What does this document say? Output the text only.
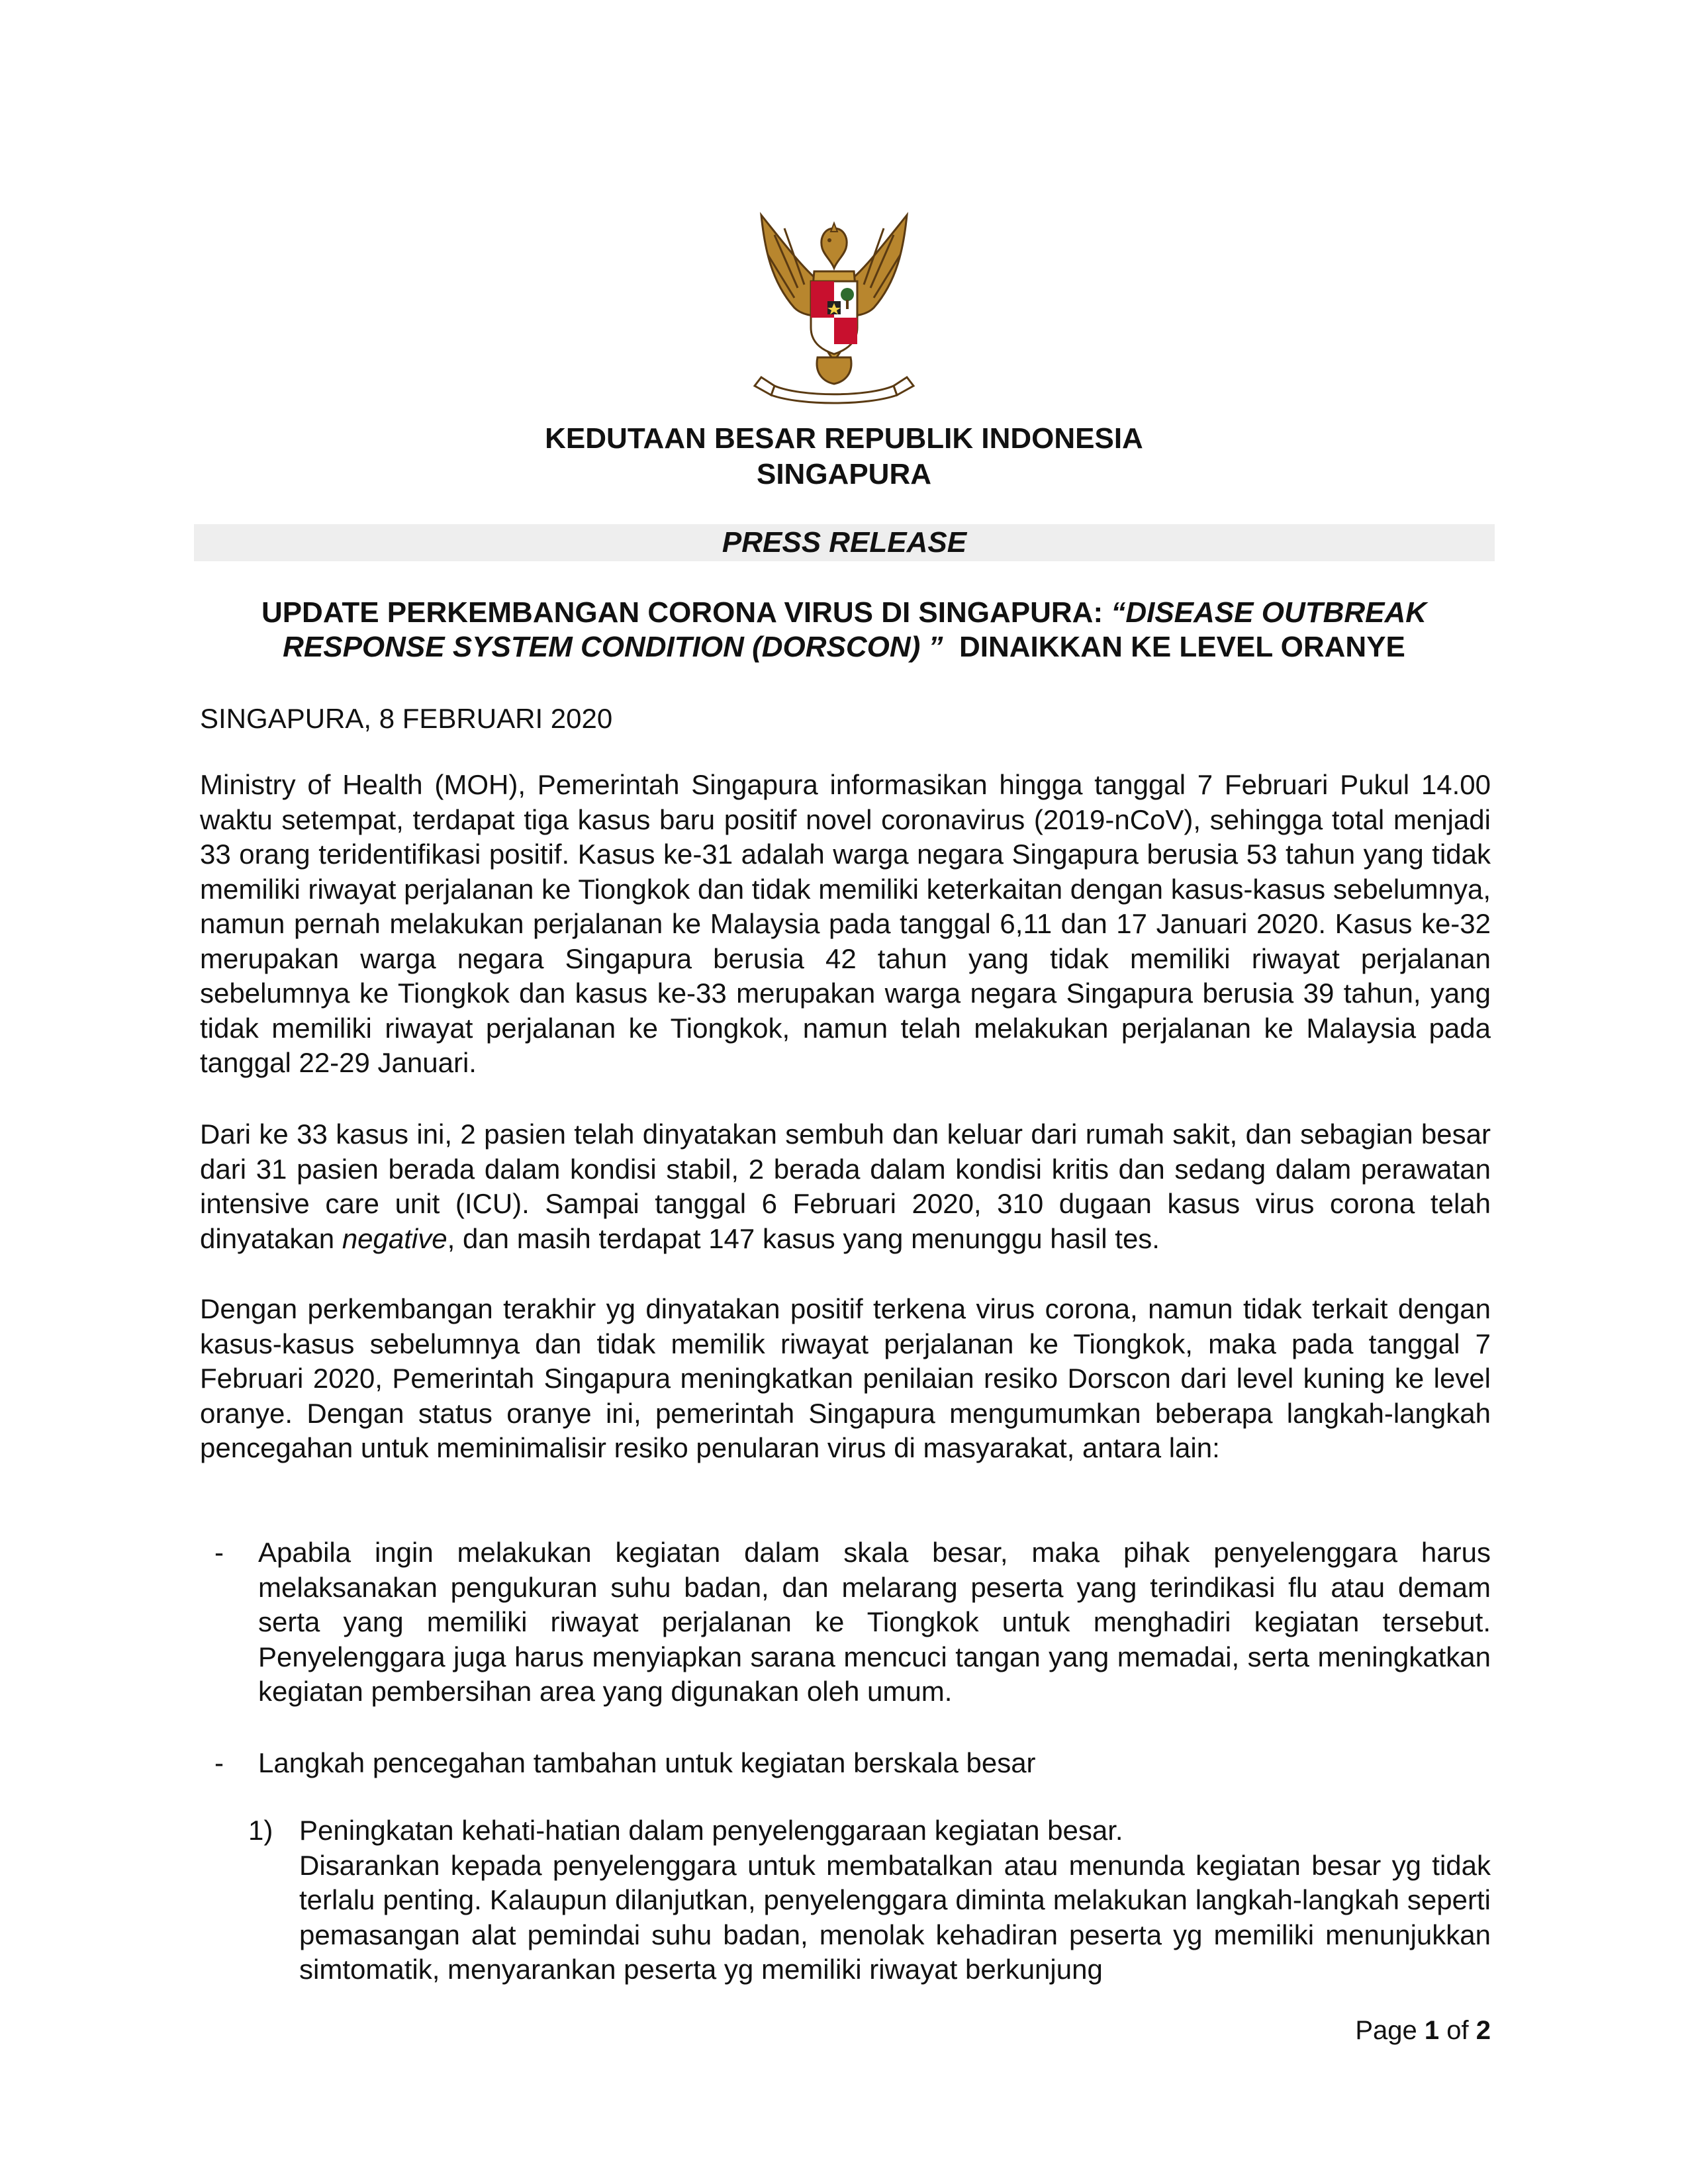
KEDUTAAN BESAR REPUBLIK INDONESIA
SINGAPURA
PRESS RELEASE
UPDATE PERKEMBANGAN CORONA VIRUS DI SINGAPURA: “DISEASE OUTBREAK
RESPONSE SYSTEM CONDITION (DORSCON) ”  DINAIKKAN KE LEVEL ORANYE
SINGAPURA, 8 FEBRUARI 2020
Ministry of Health (MOH), Pemerintah Singapura informasikan hingga tanggal 7 Februari Pukul 14.00 waktu setempat, terdapat tiga kasus baru positif novel coronavirus (2019-nCoV), sehingga total menjadi 33 orang teridentifikasi positif. Kasus ke-31 adalah warga negara Singapura berusia 53 tahun yang tidak memiliki riwayat perjalanan ke Tiongkok dan tidak memiliki keterkaitan dengan kasus-kasus sebelumnya, namun pernah melakukan perjalanan ke Malaysia pada tanggal 6,11 dan 17 Januari 2020. Kasus ke-32 merupakan warga negara Singapura berusia 42 tahun yang tidak memiliki riwayat perjalanan sebelumnya ke Tiongkok dan kasus ke-33 merupakan warga negara Singapura berusia 39 tahun, yang tidak memiliki riwayat perjalanan ke Tiongkok, namun telah melakukan perjalanan ke Malaysia pada tanggal 22-29 Januari.
Dari ke 33 kasus ini, 2 pasien telah dinyatakan sembuh dan keluar dari rumah sakit, dan sebagian besar dari 31 pasien berada dalam kondisi stabil, 2 berada dalam kondisi kritis dan sedang dalam perawatan intensive care unit (ICU). Sampai tanggal 6 Februari 2020, 310 dugaan kasus virus corona telah dinyatakan negative, dan masih terdapat 147 kasus yang menunggu hasil tes.
Dengan perkembangan terakhir yg dinyatakan positif terkena virus corona, namun tidak terkait dengan kasus-kasus sebelumnya dan tidak memilik riwayat perjalanan ke Tiongkok, maka pada tanggal 7 Februari 2020, Pemerintah Singapura meningkatkan penilaian resiko Dorscon dari level kuning ke level oranye. Dengan status oranye ini, pemerintah Singapura mengumumkan beberapa langkah-langkah pencegahan untuk meminimalisir resiko penularan virus di masyarakat, antara lain:
- Apabila ingin melakukan kegiatan dalam skala besar, maka pihak penyelenggara harus melaksanakan pengukuran suhu badan, dan melarang peserta yang terindikasi flu atau demam serta yang memiliki riwayat perjalanan ke Tiongkok untuk menghadiri kegiatan tersebut. Penyelenggara juga harus menyiapkan sarana mencuci tangan yang memadai, serta meningkatkan kegiatan pembersihan area yang digunakan oleh umum.
- Langkah pencegahan tambahan untuk kegiatan berskala besar
1) Peningkatan kehati-hatian dalam penyelenggaraan kegiatan besar.
Disarankan kepada penyelenggara untuk membatalkan atau menunda kegiatan besar yg tidak terlalu penting. Kalaupun dilanjutkan, penyelenggara diminta melakukan langkah-langkah seperti pemasangan alat pemindai suhu badan, menolak kehadiran peserta yg memiliki menunjukkan simtomatik, menyarankan peserta yg memiliki riwayat berkunjung
Page 1 of 2
